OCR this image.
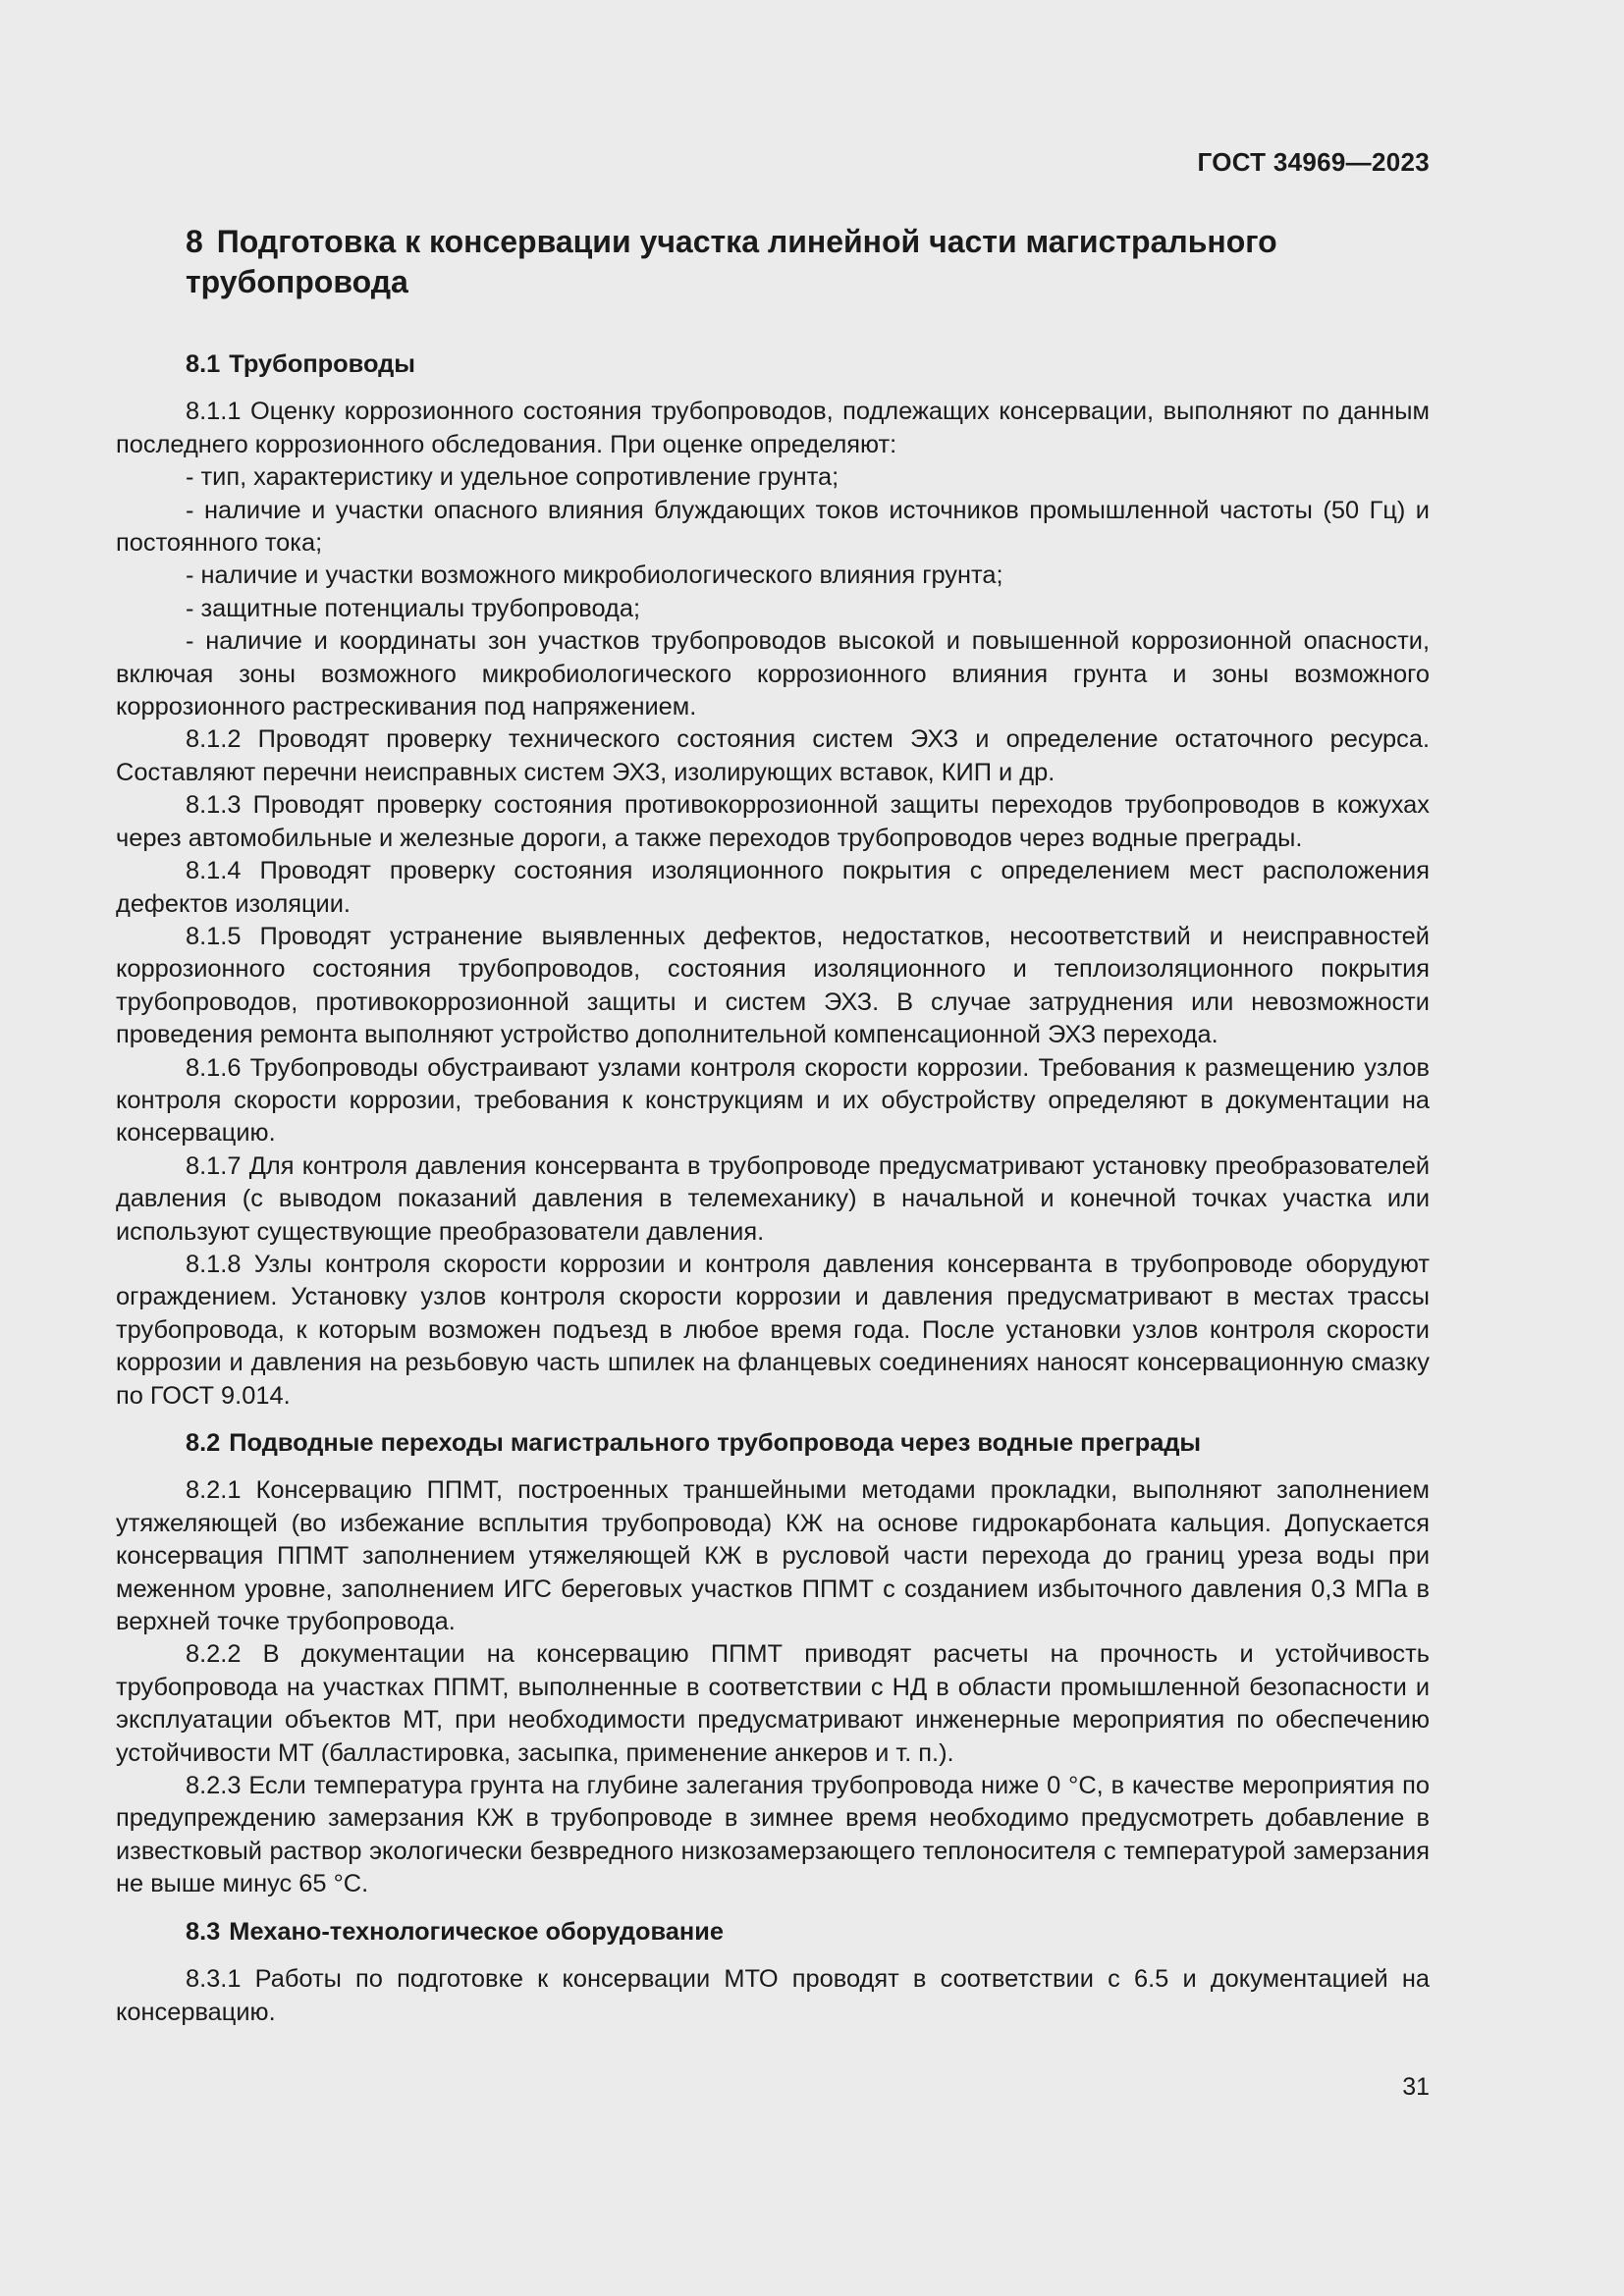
ГОСТ 34969—2023
8 Подготовка к консервации участка линейной части магистрального трубопровода
8.1 Трубопроводы

8.1.1 Оценку коррозионного состояния трубопроводов, подлежащих консервации, выполняют по данным последнего коррозионного обследования. При оценке определяют:

- тип, характеристику и удельное сопротивление грунта;

- наличие и участки опасного влияния блуждающих токов источников промышленной частоты (50 Гц) и постоянного тока;

- наличие и участки возможного микробиологического влияния грунта;

- защитные потенциалы трубопровода;

- наличие и координаты зон участков трубопроводов высокой и повышенной коррозионной опасности, включая зоны возможного микробиологического коррозионного влияния грунта и зоны возможного коррозионного растрескивания под напряжением.

8.1.2 Проводят проверку технического состояния систем ЭХЗ и определение остаточного ресурса. Составляют перечни неисправных систем ЭХЗ, изолирующих вставок, КИП и др.

8.1.3 Проводят проверку состояния противокоррозионной защиты переходов трубопроводов в кожухах через автомобильные и железные дороги, а также переходов трубопроводов через водные преграды.

8.1.4 Проводят проверку состояния изоляционного покрытия с определением мест расположения дефектов изоляции.

8.1.5 Проводят устранение выявленных дефектов, недостатков, несоответствий и неисправностей коррозионного состояния трубопроводов, состояния изоляционного и теплоизоляционного покрытия трубопроводов, противокоррозионной защиты и систем ЭХЗ. В случае затруднения или невозможности проведения ремонта выполняют устройство дополнительной компенсационной ЭХЗ перехода.

8.1.6 Трубопроводы обустраивают узлами контроля скорости коррозии. Требования к размещению узлов контроля скорости коррозии, требования к конструкциям и их обустройству определяют в документации на консервацию.

8.1.7 Для контроля давления консерванта в трубопроводе предусматривают установку преобразователей давления (с выводом показаний давления в телемеханику) в начальной и конечной точках участка или используют существующие преобразователи давления.

8.1.8 Узлы контроля скорости коррозии и контроля давления консерванта в трубопроводе оборудуют ограждением. Установку узлов контроля скорости коррозии и давления предусматривают в местах трассы трубопровода, к которым возможен подъезд в любое время года. После установки узлов контроля скорости коррозии и давления на резьбовую часть шпилек на фланцевых соединениях наносят консервационную смазку по ГОСТ 9.014.

8.2 Подводные переходы магистрального трубопровода через водные преграды

8.2.1 Консервацию ППМТ, построенных траншейными методами прокладки, выполняют заполнением утяжеляющей (во избежание всплытия трубопровода) КЖ на основе гидрокарбоната кальция. Допускается консервация ППМТ заполнением утяжеляющей КЖ в русловой части перехода до границ уреза воды при меженном уровне, заполнением ИГС береговых участков ППМТ с созданием избыточного давления 0,3 МПа в верхней точке трубопровода.

8.2.2 В документации на консервацию ППМТ приводят расчеты на прочность и устойчивость трубопровода на участках ППМТ, выполненные в соответствии с НД в области промышленной безопасности и эксплуатации объектов МТ, при необходимости предусматривают инженерные мероприятия по обеспечению устойчивости МТ (балластировка, засыпка, применение анкеров и т. п.).

8.2.3 Если температура грунта на глубине залегания трубопровода ниже 0 °С, в качестве мероприятия по предупреждению замерзания КЖ в трубопроводе в зимнее время необходимо предусмотреть добавление в известковый раствор экологически безвредного низкозамерзающего теплоносителя с температурой замерзания не выше минус 65 °С.

8.3 Механо-технологическое оборудование

8.3.1 Работы по подготовке к консервации МТО проводят в соответствии с 6.5 и документацией на консервацию.

31
